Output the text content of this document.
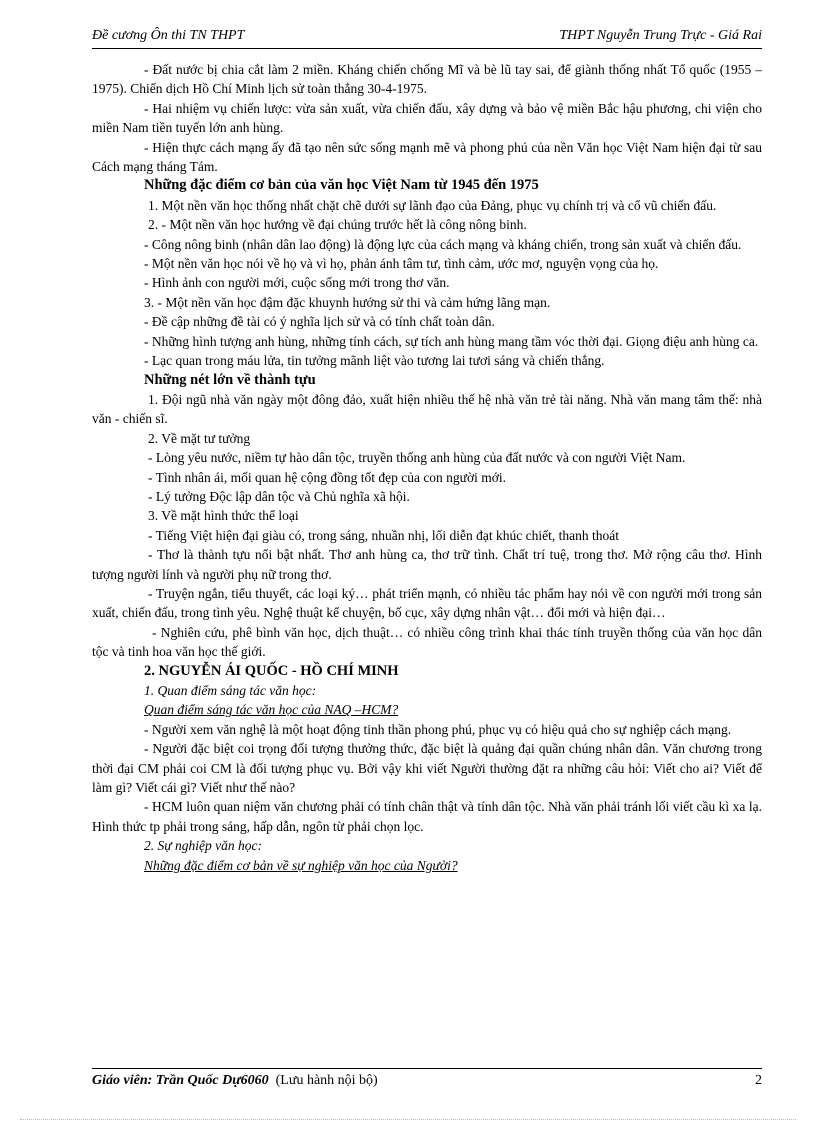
Đề cương Ôn thi TN THPT	THPT Nguyễn Trung Trực - Giá Rai

- Đất nước bị chia cắt làm 2 miền. Kháng chiến chống Mĩ và bè lũ tay sai, để giành thống nhất Tổ quốc (1955 – 1975). Chiến dịch Hồ Chí Minh lịch sử toàn thắng 30-4-1975.

- Hai nhiệm vụ chiến lược: vừa sản xuất, vừa chiến đấu, xây dựng và bảo vệ miền Bắc hậu phương, chi viện cho miền Nam tiền tuyến lớn anh hùng.

- Hiện thực cách mạng ấy đã tạo nên sức sống mạnh mẽ và phong phú của nền Văn học Việt Nam hiện đại từ sau Cách mạng tháng Tám.

Những đặc điểm cơ bản của văn học Việt Nam từ 1945 đến 1975

1. Một nền văn học thống nhất chặt chẽ dưới sự lãnh đạo của Đảng, phục vụ chính trị và cổ vũ chiến đấu.

2. - Một nền văn học hướng về đại chúng trước hết là công nông binh.

- Công nông binh (nhân dân lao động) là động lực của cách mạng và kháng chiến, trong sản xuất và chiến đấu.

- Một nền văn học nói về họ và vì họ, phản ánh tâm tư, tình cảm, ước mơ, nguyện vọng của họ.

- Hình ảnh con người mới, cuộc sống mới trong thơ văn.

3. - Một nền văn học đậm đặc khuynh hướng sử thi và cảm hứng lãng mạn.

- Đề cập những đề tài có ý nghĩa lịch sử và có tính chất toàn dân.

- Những hình tượng anh hùng, những tính cách, sự tích anh hùng mang tầm vóc thời đại. Giọng điệu anh hùng ca.

- Lạc quan trong máu lửa, tin tưởng mãnh liệt vào tương lai tươi sáng và chiến thắng.

Những nét lớn về thành tựu

1. Đội ngũ nhà văn ngày một đông đảo, xuất hiện nhiều thế hệ nhà văn trẻ tài năng. Nhà văn mang tâm thế: nhà văn - chiến sĩ.

2. Về mặt tư tưởng

- Lòng yêu nước, niềm tự hào dân tộc, truyền thống anh hùng của đất nước và con người Việt Nam.

- Tình nhân ái, mối quan hệ cộng đồng tốt đẹp của con người mới.

- Lý tưởng Độc lập dân tộc và Chủ nghĩa xã hội.

3. Về mặt hình thức thể loại

- Tiếng Việt hiện đại giàu có, trong sáng, nhuần nhị, lối diễn đạt khúc chiết, thanh thoát

- Thơ là thành tựu nổi bật nhất. Thơ anh hùng ca, thơ trữ tình. Chất trí tuệ, trong thơ. Mở rộng câu thơ. Hình tượng người lính và người phụ nữ trong thơ.

- Truyện ngắn, tiểu thuyết, các loại ký… phát triển mạnh, có nhiều tác phẩm hay nói về con người mới trong sản xuất, chiến đấu, trong tình yêu. Nghệ thuật kể chuyện, bố cục, xây dựng nhân vật… đổi mới và hiện đại…

- Nghiên cứu, phê bình văn học, dịch thuật… có nhiều công trình khai thác tính truyền thống của văn học dân tộc và tinh hoa văn học thế giới.

2. NGUYỄN ÁI QUỐC - HỒ CHÍ MINH

1. Quan điểm sáng tác văn học:

Quan điểm sáng tác văn học của NAQ –HCM?

- Người xem văn nghệ là một hoạt động tinh thần phong phú, phục vụ có hiệu quả cho sự nghiệp cách mạng.

- Người đặc biệt coi trọng đối tượng thưởng thức, đặc biệt là quảng đại quần chúng nhân dân. Văn chương trong thời đại CM phải coi CM là đối tượng phục vụ. Bởi vậy khi viết Người thường đặt ra những câu hỏi: Viết cho ai? Viết để làm gì? Viết cái gì? Viết như thế nào?

- HCM luôn quan niệm văn chương phải có tính chân thật và tính dân tộc. Nhà văn phải tránh lối viết cầu kì xa lạ. Hình thức tp phải trong sáng, hấp dẫn, ngôn từ phải chọn lọc.

2. Sự nghiệp văn học:

Những đặc điểm cơ bản về sự nghiệp văn học của Người?

Giáo viên: Trần Quốc Dự6060 (Lưu hành nội bộ)	2
